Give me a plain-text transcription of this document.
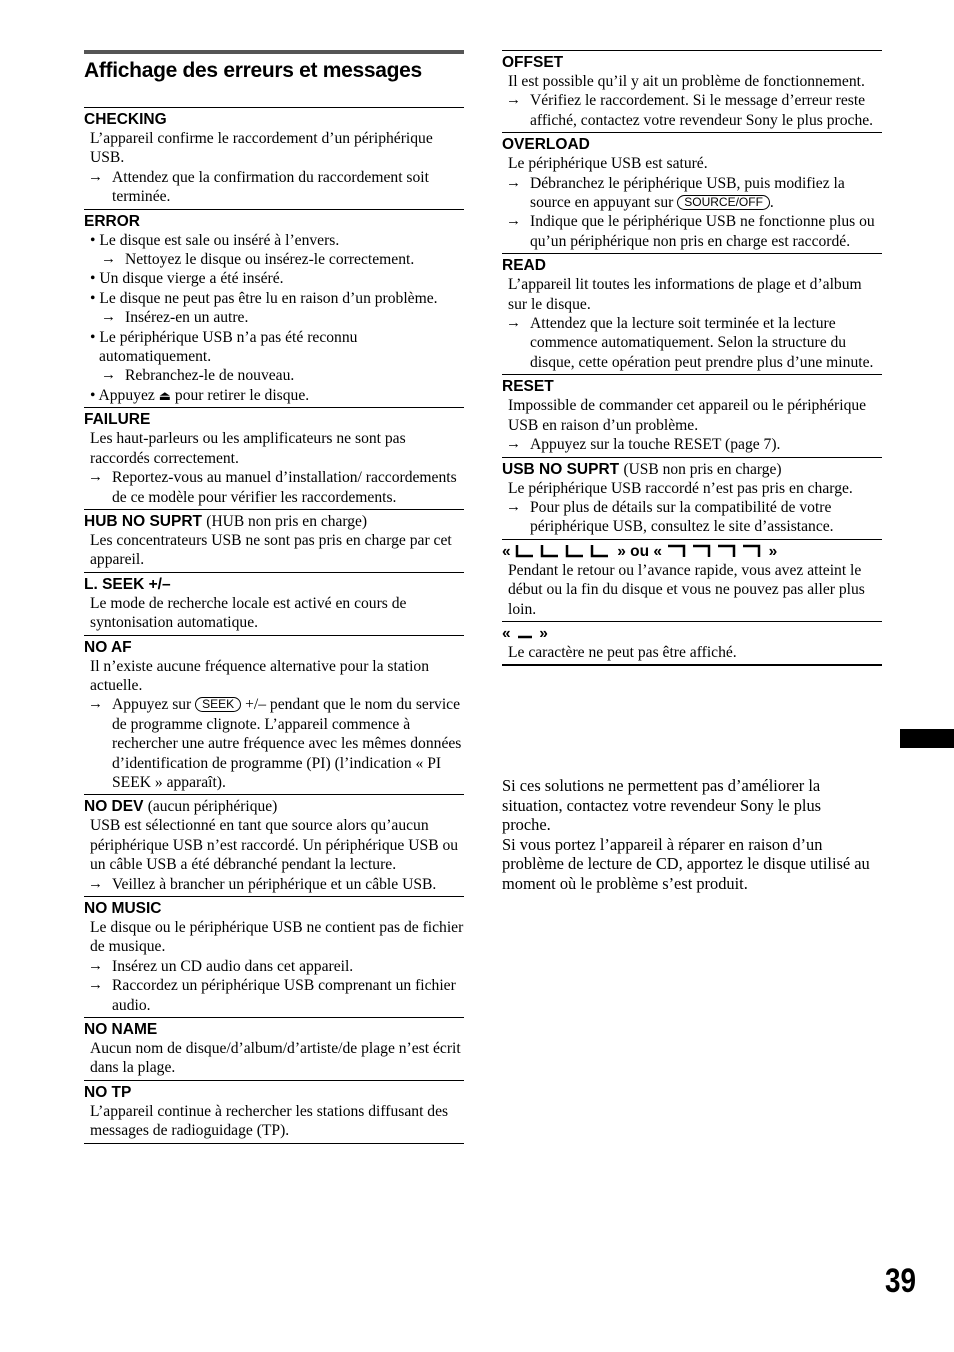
Affichage des erreurs et messages
CHECKING
L’appareil confirme le raccordement d’un périphérique USB.
→ Attendez que la confirmation du raccordement soit terminée.
ERROR
• Le disque est sale ou inséré à l’envers.
→ Nettoyez le disque ou insérez-le correctement.
• Un disque vierge a été inséré.
• Le disque ne peut pas être lu en raison d’un problème.
→ Insérez-en un autre.
• Le périphérique USB n’a pas été reconnu automatiquement.
→ Rebranchez-le de nouveau.
• Appuyez ⏏ pour retirer le disque.
FAILURE
Les haut-parleurs ou les amplificateurs ne sont pas raccordés correctement.
→ Reportez-vous au manuel d’installation/ raccordements de ce modèle pour vérifier les raccordements.
HUB NO SUPRT (HUB non pris en charge)
Les concentrateurs USB ne sont pas pris en charge par cet appareil.
L. SEEK +/–
Le mode de recherche locale est activé en cours de syntonisation automatique.
NO AF
Il n’existe aucune fréquence alternative pour la station actuelle.
→ Appuyez sur SEEK +/– pendant que le nom du service de programme clignote. L’appareil commence à rechercher une autre fréquence avec les mêmes données d’identification de programme (PI) (l’indication « PI SEEK » apparaît).
NO DEV (aucun périphérique)
USB est sélectionné en tant que source alors qu’aucun périphérique USB n’est raccordé. Un périphérique USB ou un câble USB a été débranché pendant la lecture.
→ Veillez à brancher un périphérique et un câble USB.
NO MUSIC
Le disque ou le périphérique USB ne contient pas de fichier de musique.
→ Insérez un CD audio dans cet appareil.
→ Raccordez un périphérique USB comprenant un fichier audio.
NO NAME
Aucun nom de disque/d’album/d’artiste/de plage n’est écrit dans la plage.
NO TP
L’appareil continue à rechercher les stations diffusant des messages de radioguidage (TP).
OFFSET
Il est possible qu’il y ait un problème de fonctionnement.
→ Vérifiez le raccordement. Si le message d’erreur reste affiché, contactez votre revendeur Sony le plus proche.
OVERLOAD
Le périphérique USB est saturé.
→ Débranchez le périphérique USB, puis modifiez la source en appuyant sur SOURCE/OFF .
→ Indique que le périphérique USB ne fonctionne plus ou qu’un périphérique non pris en charge est raccordé.
READ
L’appareil lit toutes les informations de plage et d’album sur le disque.
→ Attendez que la lecture soit terminée et la lecture commence automatiquement. Selon la structure du disque, cette opération peut prendre plus d’une minute.
RESET
Impossible de commander cet appareil ou le périphérique USB en raison d’un problème.
→ Appuyez sur la touche RESET (page 7).
USB NO SUPRT (USB non pris en charge)
Le périphérique USB raccordé n’est pas pris en charge.
→ Pour plus de détails sur la compatibilité de votre périphérique USB, consultez le site d’assistance.
«	» ou «	»
Pendant le retour ou l’avance rapide, vous avez atteint le début ou la fin du disque et vous ne pouvez pas aller plus loin.
« »
Le caractère ne peut pas être affiché.
Si ces solutions ne permettent pas d’améliorer la situation, contactez votre revendeur Sony le plus proche.
Si vous portez l’appareil à réparer en raison d’un problème de lecture de CD, apportez le disque utilisé au moment où le problème s’est produit.
39
